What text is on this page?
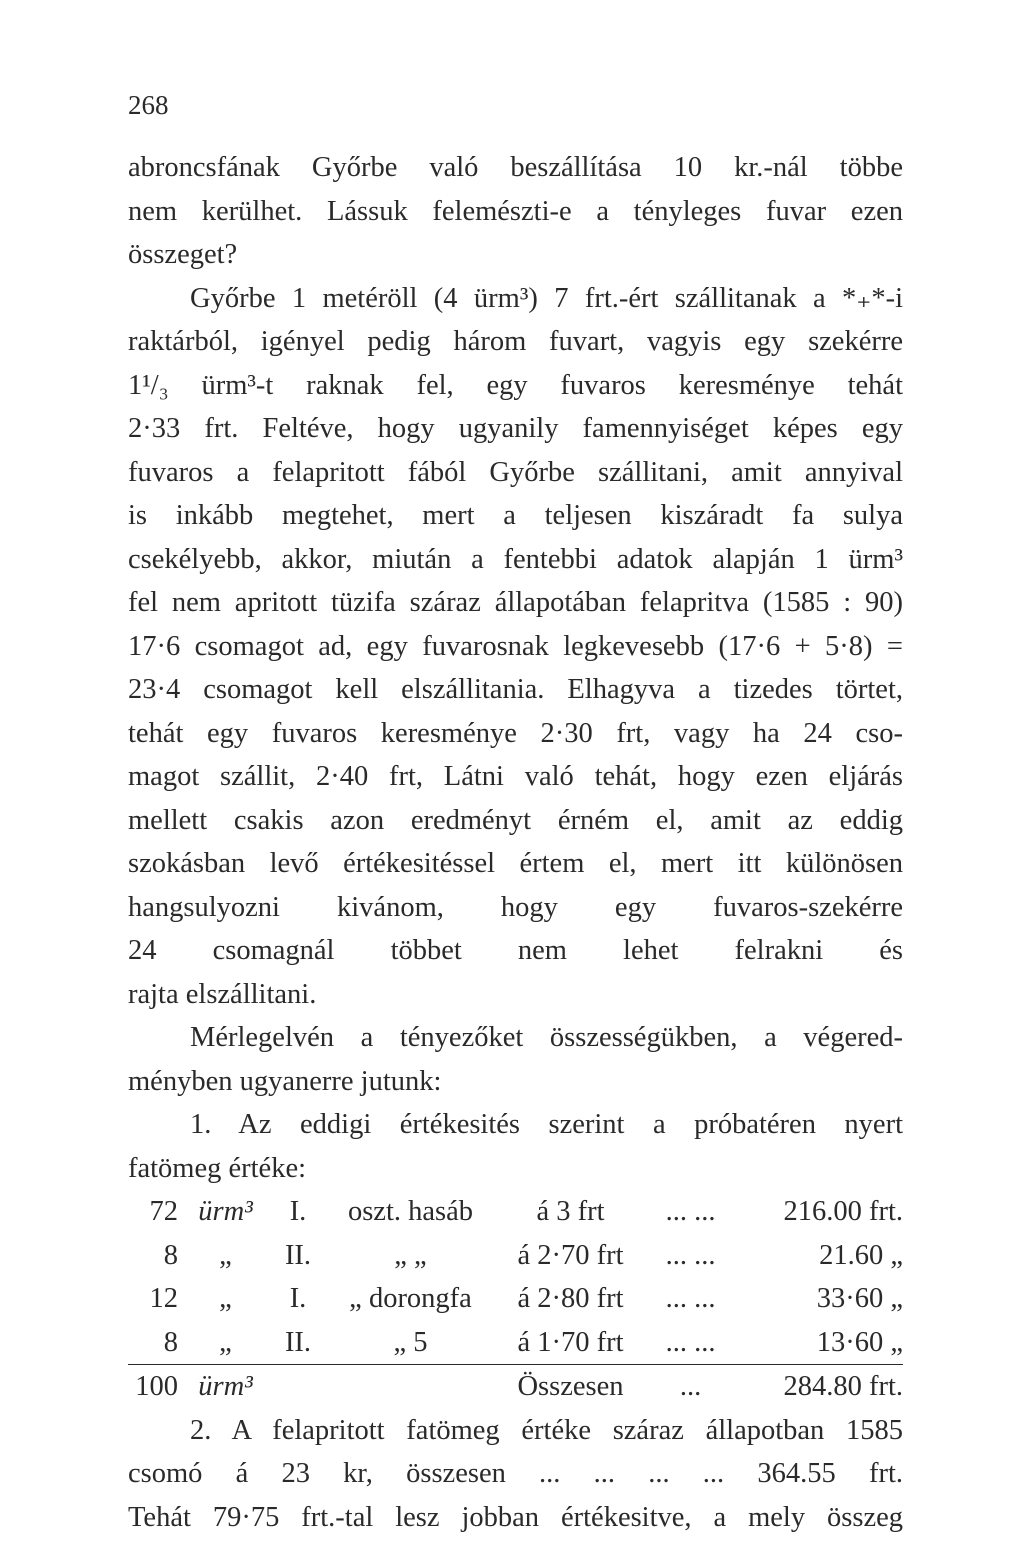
268
abroncsfának Győrbe való beszállítása 10 kr.-nál többe
nem kerülhet. Lássuk felemészti-e a tényleges fuvar ezen
összeget?
Győrbe 1 metéröll (4 ürm³) 7 frt.-ért szállitanak a *₊*-i
raktárból, igényel pedig három fuvart, vagyis egy szekérre
1¹/₃ ürm³-t raknak fel, egy fuvaros keresménye tehát
2·33 frt. Feltéve, hogy ugyanily famennyiséget képes egy
fuvaros a felapritott fából Győrbe szállitani, amit annyival
is inkább megtehet, mert a teljesen kiszáradt fa sulya
csekélyebb, akkor, miután a fentebbi adatok alapján 1 ürm³
fel nem apritott tüzifa száraz állapotában felapritva (1585 : 90)
17·6 csomagot ad, egy fuvarosnak legkevesebb (17·6 + 5·8) =
23·4 csomagot kell elszállitania. Elhagyva a tizedes törtet,
tehát egy fuvaros keresménye 2·30 frt, vagy ha 24 cso-
magot szállit, 2·40 frt, Látni való tehát, hogy ezen eljárás
mellett csakis azon eredményt érném el, amit az eddig
szokásban levő értékesitéssel értem el, mert itt különösen
hangsulyozni kivánom, hogy egy fuvaros-szekérre
24 csomagnál többet nem lehet felrakni és
rajta elszállitani.
Mérlegelvén a tényezőket összességükben, a végered-
ményben ugyanerre jutunk:
1. Az eddigi értékesités szerint a próbatéren nyert
fatömeg értéke:
72	ürm³	I.	oszt. hasáb	á 3 frt	... ...	216.00 frt.
8	„	II.	„ „	á 2·70 frt	... ...	21.60 „
12	„	I.	„ dorongfa	á 2·80 frt	... ...	33·60 „
8	„	II.	„ 5	á 1·70 frt	... ...	13·60 „
100	ürm³			Összesen	...	284.80 frt.
2. A felapritott fatömeg értéke száraz állapotban 1585
csomó á 23 kr, összesen ... ... ... ... 364.55 frt.
Tehát 79·75 frt.-tal lesz jobban értékesitve, a mely összeg
